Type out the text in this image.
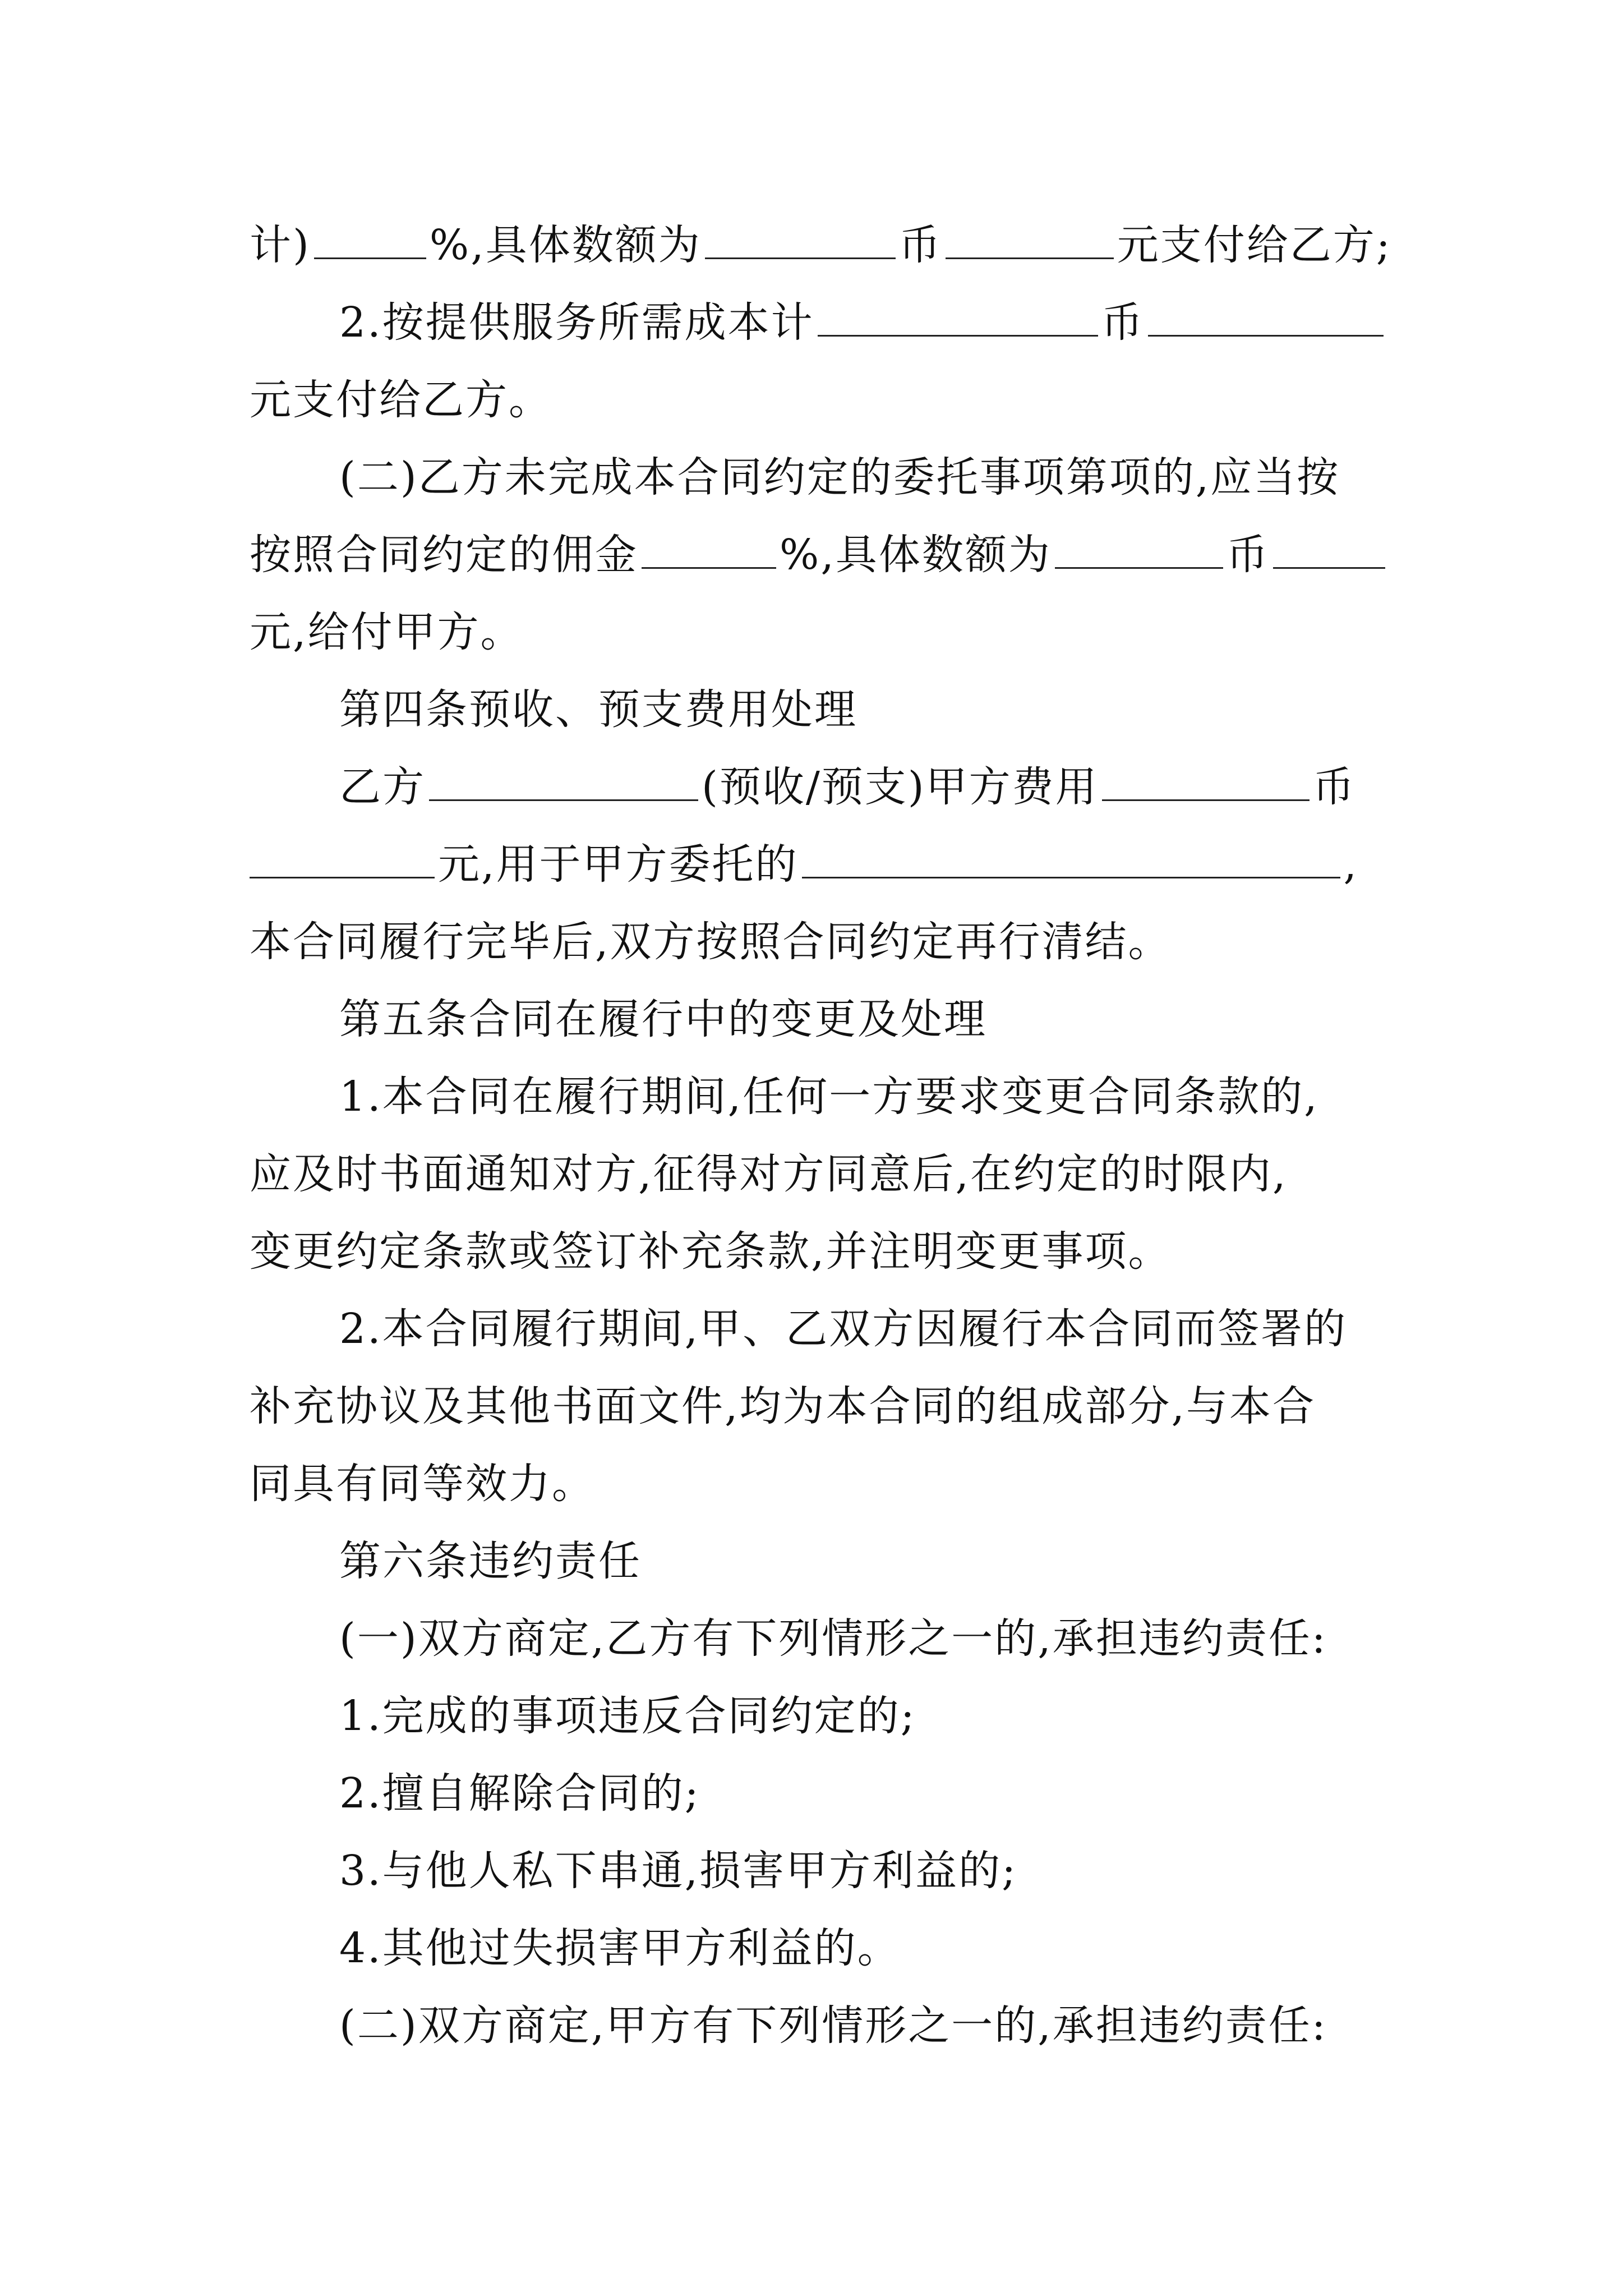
计)	%,具体数额为	币	元支付给乙方;
2.按提供服务所需成本计	币
元支付给乙方。
(二)乙方未完成本合同约定的委托事项第项的,应当按
按照合同约定的佣金	%,具体数额为	币
元,给付甲方。
第四条预收、预支费用处理
乙方	(预收/预支)甲方费用	币
元,用于甲方委托的	,
本合同履行完毕后,双方按照合同约定再行清结。
第五条合同在履行中的变更及处理
1.本合同在履行期间,任何一方要求变更合同条款的,
应及时书面通知对方,征得对方同意后,在约定的时限内,
变更约定条款或签订补充条款,并注明变更事项。
2.本合同履行期间,甲、乙双方因履行本合同而签署的
补充协议及其他书面文件,均为本合同的组成部分,与本合
同具有同等效力。
第六条违约责任
(一)双方商定,乙方有下列情形之一的,承担违约责任:
1.完成的事项违反合同约定的;
2.擅自解除合同的;
3.与他人私下串通,损害甲方利益的;
4.其他过失损害甲方利益的。
(二)双方商定,甲方有下列情形之一的,承担违约责任:
